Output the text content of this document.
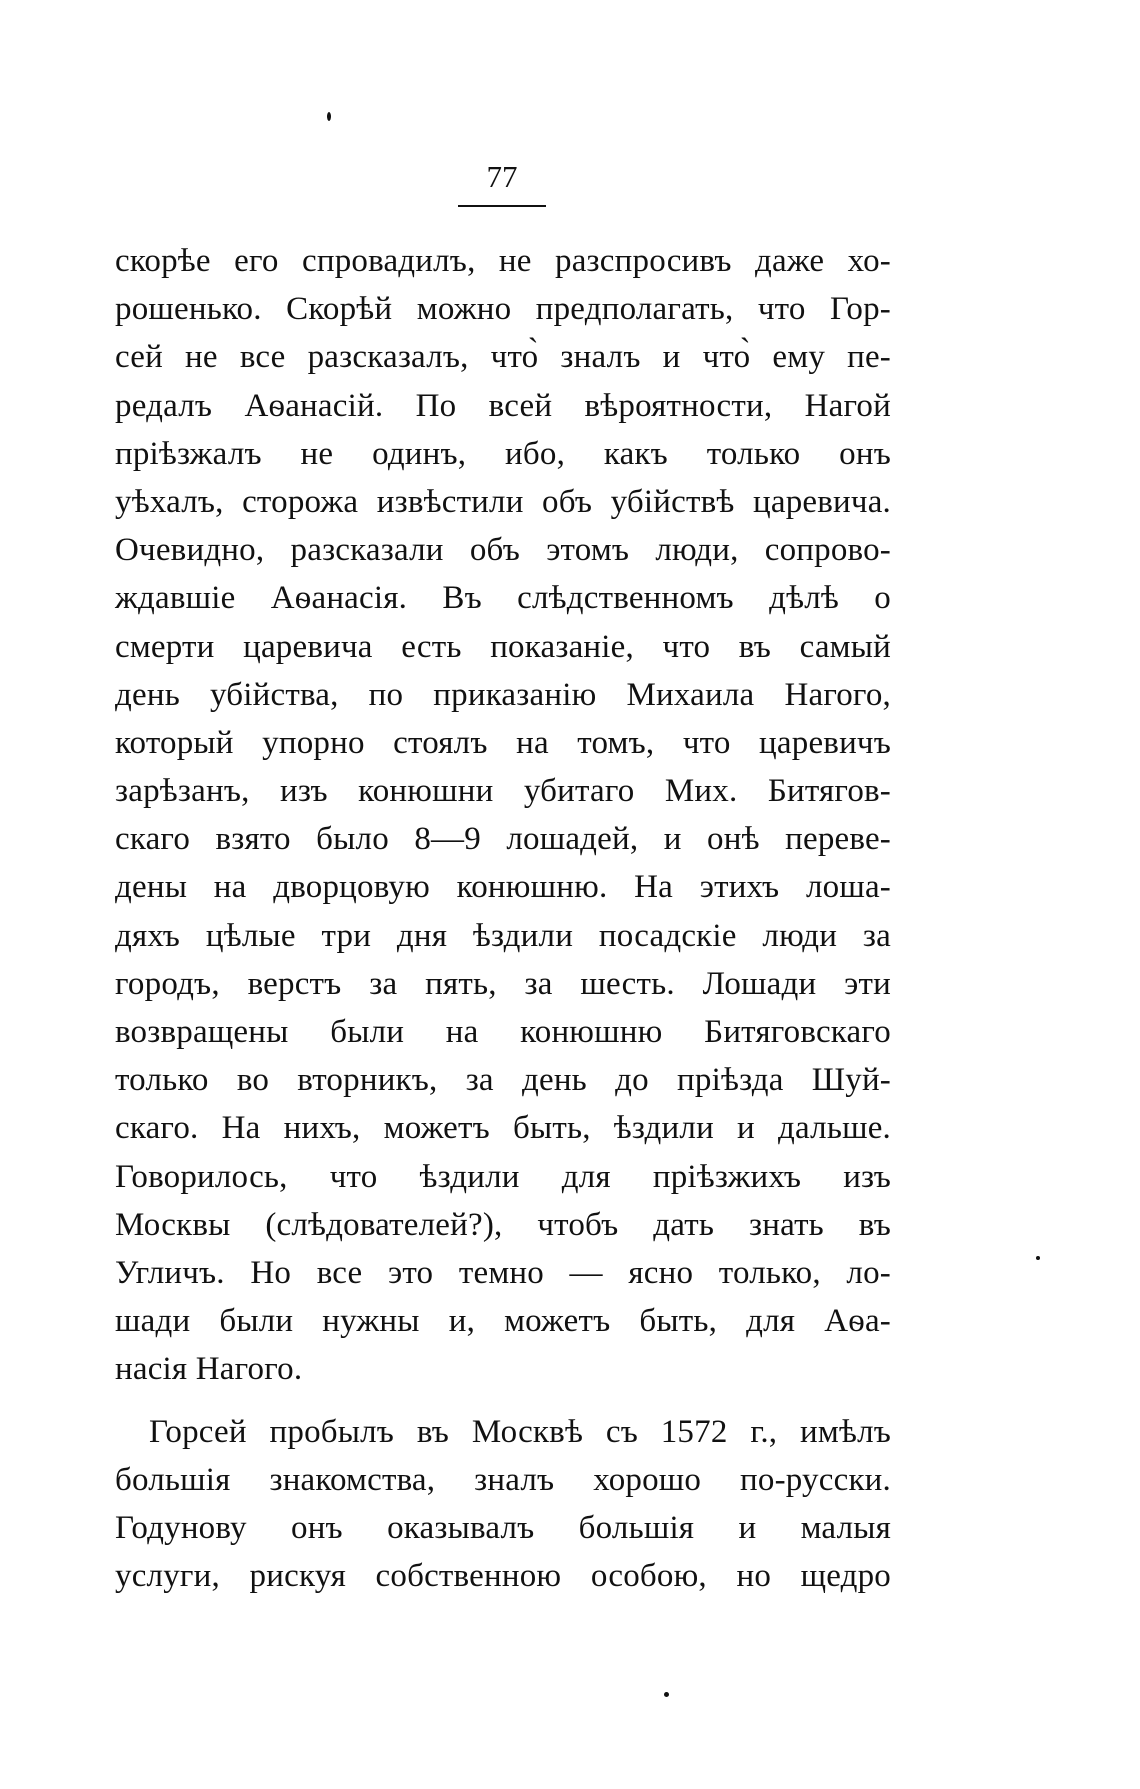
77
скорѣе его спровадилъ, не разспросивъ даже хо-
рошенько. Скорѣй можно предполагать, что Гор-
сей не все разсказалъ, что̀ зналъ и что̀ ему пе-
редалъ Аѳанасій. По всей вѣроятности, Нагой
пріѣзжалъ не одинъ, ибо, какъ только онъ
уѣхалъ, сторожа извѣстили объ убійствѣ царевича.
Очевидно, разсказали объ этомъ люди, сопрово-
ждавшіе Аѳанасія. Въ слѣдственномъ дѣлѣ о
смерти царевича есть показаніе, что въ самый
день убійства, по приказанію Михаила Нагого,
который упорно стоялъ на томъ, что царевичъ
зарѣзанъ, изъ конюшни убитаго Мих. Битягов-
скаго взято было 8—9 лошадей, и онѣ переве-
дены на дворцовую конюшню. На этихъ лоша-
дяхъ цѣлые три дня ѣздили посадскіе люди за
городъ, верстъ за пять, за шесть. Лошади эти
возвращены были на конюшню Битяговскаго
только во вторникъ, за день до пріѣзда Шуй-
скаго. На нихъ, можетъ быть, ѣздили и дальше.
Говорилось, что ѣздили для пріѣзжихъ изъ
Москвы (слѣдователей?), чтобъ дать знать въ
Угличъ. Но все это темно — ясно только, ло-
шади были нужны и, можетъ быть, для Аѳа-
насія Нагого.
Горсей пробылъ въ Москвѣ съ 1572 г., имѣлъ
большія знакомства, зналъ хорошо по-русски.
Годунову онъ оказывалъ большія и малыя
услуги, рискуя собственною особою, но щедро
